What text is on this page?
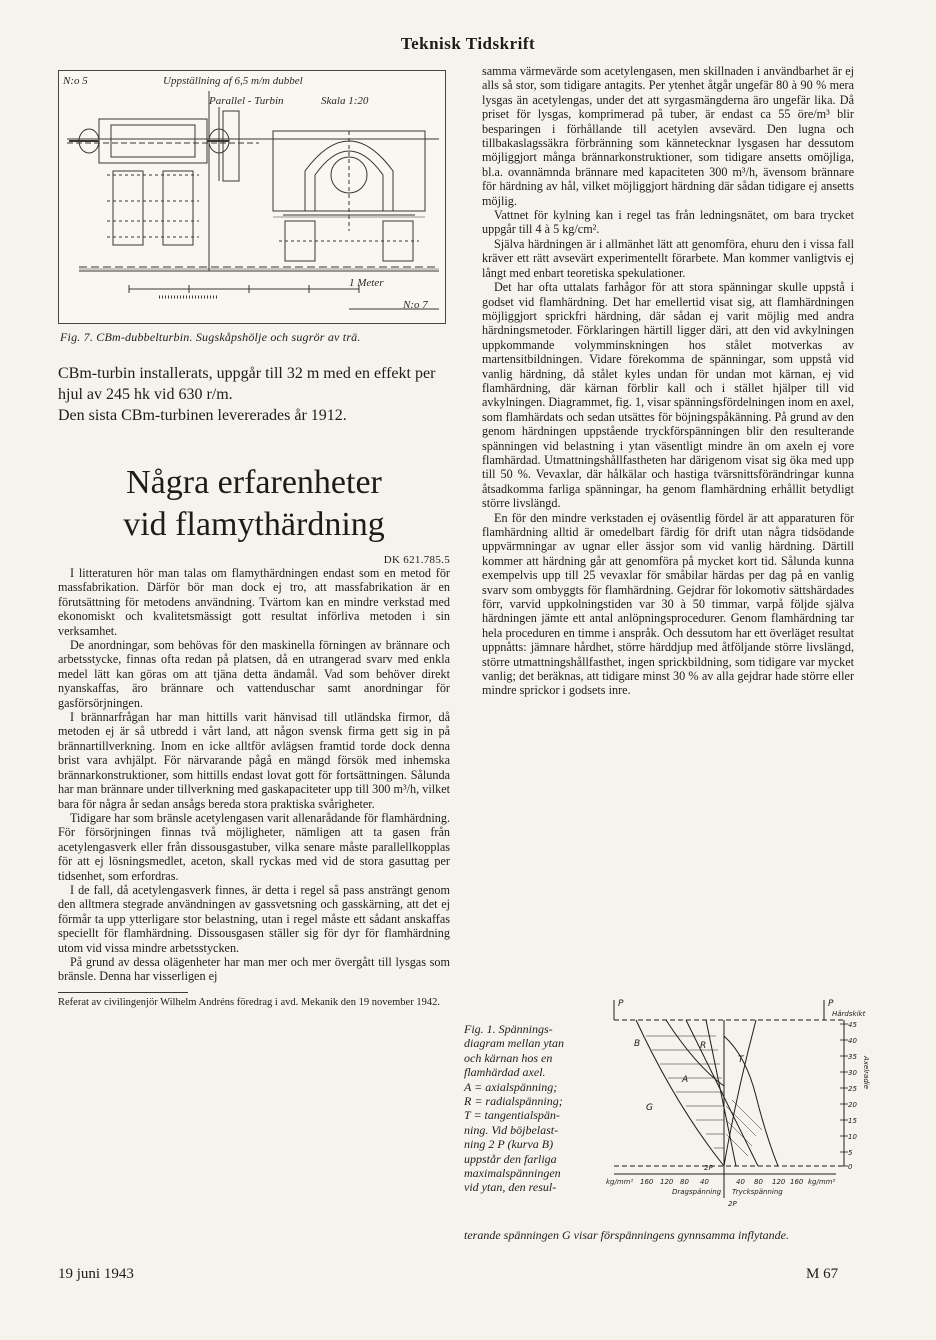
Teknisk Tidskrift
N:o 5	Uppställning af 6,5 m/m dubbel
Parallel - Turbin	Skala 1:20
1 Meter
N:o 7
Fig. 7. CBm-dubbelturbin. Sugskåpshölje och sugrör av trä.

CBm-turbin installerats, uppgår till 32 m med en effekt per hjul av 245 hk vid 630 r/m.

Den sista CBm-turbinen levererades år 1912.

Några erfarenheter
vid flamythärdning
DK 621.785.5

I litteraturen hör man talas om flamythärdningen endast som en metod för massfabrikation. Därför bör man dock ej tro, att massfabrikation är en förutsättning för metodens användning. Tvärtom kan en mindre verkstad med ekonomiskt och kvalitetsmässigt gott resultat införliva metoden i sin verksamhet.

De anordningar, som behövas för den maskinella förningen av brännare och arbetsstycke, finnas ofta redan på platsen, då en utrangerad svarv med enkla medel lätt kan göras om att tjäna detta ändamål. Vad som behöver direkt nyanskaffas, äro brännare och vattenduschar samt anordningar för gasförsörjningen.

I brännarfrågan har man hittills varit hänvisad till utländska firmor, då metoden ej är så utbredd i vårt land, att någon svensk firma gett sig in på brännartillverkning. Inom en icke alltför avlägsen framtid torde dock denna brist vara avhjälpt. För närvarande pågå en mängd försök med inhemska brännarkonstruktioner, som hittills endast lovat gott för fortsättningen. Sålunda har man brännare under tillverkning med gaskapaciteter upp till 300 m³/h, vilket bara för några år sedan ansågs bereda stora praktiska svårigheter.

Tidigare har som bränsle acetylengasen varit allenarådande för flamhärdning. För försörjningen finnas två möjligheter, nämligen att ta gasen från acetylengasverk eller från dissousgastuber, vilka senare måste parallellkopplas för att ej lösningsmedlet, aceton, skall ryckas med vid de stora gasuttag per tidsenhet, som erfordras.

I de fall, då acetylengasverk finnes, är detta i regel så pass ansträngt genom den alltmera stegrade användningen av gassvetsning och gasskärning, att det ej förmår ta upp ytterligare stor belastning, utan i regel måste ett sådant anskaffas speciellt för flamhärdning. Dissousgasen ställer sig för dyr för flamhärdning utom vid vissa mindre arbetsstycken.

På grund av dessa olägenheter har man mer och mer övergått till lysgas som bränsle. Denna har visserligen ej

Referat av civilingenjör Wilhelm Andréns föredrag i avd. Mekanik den 19 november 1942.

samma värmevärde som acetylengasen, men skillnaden i användbarhet är ej alls så stor, som tidigare antagits. Per ytenhet åtgår ungefär 80 à 90 % mera lysgas än acetylengas, under det att syrgasmängderna äro ungefär lika. Då priset för lysgas, komprimerad på tuber, är endast ca 55 öre/m³ blir besparingen i förhållande till acetylen avsevärd. Den lugna och tillbakaslagssäkra förbränning som kännetecknar lysgasen har dessutom möjliggjort många brännarkonstruktioner, som tidigare ansetts omöjliga, bl.a. ovannämnda brännare med kapaciteten 300 m³/h, ävensom brännare för härdning av hål, vilket möjliggjort härdning där sådan tidigare ej ansetts möjlig.

Vattnet för kylning kan i regel tas från ledningsnätet, om bara trycket uppgår till 4 à 5 kg/cm².

Själva härdningen är i allmänhet lätt att genomföra, ehuru den i vissa fall kräver ett rätt avsevärt experimentellt förarbete. Man kommer vanligtvis ej långt med enbart teoretiska spekulationer.

Det har ofta uttalats farhågor för att stora spänningar skulle uppstå i godset vid flamhärdning. Det har emellertid visat sig, att flamhärdningen möjliggjort sprickfri härdning, där sådan ej varit möjlig med andra härdningsmetoder. Förklaringen härtill ligger däri, att den vid avkylningen uppkommande volymminskningen hos stålet motverkas av martensitbildningen. Vidare förekomma de spänningar, som uppstå vid vanlig härdning, då stålet kyles undan för undan mot kärnan, ej vid flamhärdning, där kärnan förblir kall och i stället hjälper till vid avkylningen. Diagrammet, fig. 1, visar spänningsfördelningen inom en axel, som flamhärdats och sedan utsättes för böjningspåkänning. På grund av den genom härdningen uppstående tryckförspänningen blir den resulterande spänningen vid belastning i ytan väsentligt mindre än om axeln ej vore flamhärdad. Utmattningshållfastheten har därigenom visat sig öka med upp till 50 %. Vevaxlar, där hålkälar och hastiga tvärsnittsförändringar kunna åtsadkomma farliga spänningar, ha genom flamhärdning erhållit betydligt större livslängd.

En för den mindre verkstaden ej oväsentlig fördel är att apparaturen för flamhärdning alltid är omedelbart färdig för drift utan några tidsödande uppvärmningar av ugnar eller ässjor som vid vanlig härdning. Därtill kommer att härdning går att genomföra på mycket kort tid. Sålunda kunna exempelvis upp till 25 vevaxlar för småbilar härdas per dag på en vanlig svarv som ombyggts för flamhärdning. Gejdrar för lokomotiv sättshärdades förr, varvid uppkolningstiden var 30 à 50 timmar, varpå följde själva härdningen jämte ett antal anlöpningsprocedurer. Genom flamhärdning tar hela proceduren en timme i anspråk. Och dessutom har ett överläget resultat uppnåtts: jämnare hårdhet, större härddjup med åtföljande större livslängd, större utmattningshållfasthet, ingen sprickbildning, som tidigare var mycket vanlig; det beräknas, att tidigare minst 30 % av alla gejdrar hade större eller mindre sprickor i godsets inre.

Fig. 1. Spännings-

diagram mellan ytan

och kärnan hos en

flamhärdad axel.

A = axialspänning;

R = radialspänning;

T = tangentialspän-

ning. Vid böjbelast-

ning 2 P (kurva B)

uppstår den farliga

maximalspänningen

vid ytan, den resul-

P	P
B	R
T
A
G
Härdskikt
Axelradie
45
40
35
30
25
20
15
10
5
0
2P
kg/mm² 160 120 80 40	40 80 120 160 kg/mm²
Dragspänning Tryckspänning
2P
terande spänningen G visar förspänningens gynnsamma inflytande.
19 juni 1943	M 67
